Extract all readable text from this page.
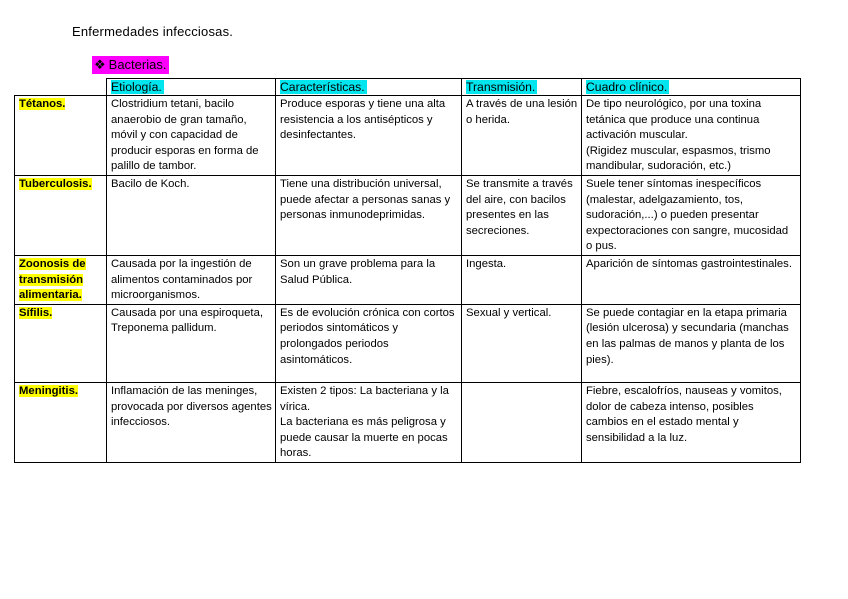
Enfermedades infecciosas.
❖ Bacterias.
	Etiología.	Características.	Transmisión.	Cuadro clínico.
Tétanos.	Clostridium tetani, bacilo anaerobio de gran tamaño, móvil y con capacidad de producir esporas en forma de palillo de tambor.	Produce esporas y tiene una alta resistencia a los antisépticos y desinfectantes.	A través de una lesión o herida.	De tipo neurológico, por una toxina tetánica que produce una continua activación muscular.
(Rigidez muscular, espasmos, trismo mandibular, sudoración, etc.)

Tuberculosis.	Bacilo de Koch.	Tiene una distribución universal, puede afectar a personas sanas y personas inmunodeprimidas.	Se transmite a través del aire, con bacilos presentes en las secreciones.	Suele tener síntomas inespecíficos (malestar, adelgazamiento, tos, sudoración,...) o pueden presentar expectoraciones con sangre, mucosidad o pus.
Zoonosis de transmisión alimentaria.	Causada por la ingestión de alimentos contaminados por microorganismos.	Son un grave problema para la Salud Pública.	Ingesta.	Aparición de síntomas gastrointestinales.
Sífilis.	Causada por una espiroqueta, Treponema pallidum.	Es de evolución crónica con cortos periodos sintomáticos y prolongados periodos asintomáticos.	Sexual y vertical.	Se puede contagiar en la etapa primaria (lesión ulcerosa) y secundaria (manchas en las palmas de manos y planta de los pies).

Meningitis.	Inflamación de las meninges, provocada por diversos agentes infecciosos.	Existen 2 tipos: La bacteriana y la vírica.
La bacteriana es más peligrosa y puede causar la muerte en pocas horas.		Fiebre, escalofríos, nauseas y vomitos, dolor de cabeza intenso, posibles cambios en el estado mental y sensibilidad a la luz.
